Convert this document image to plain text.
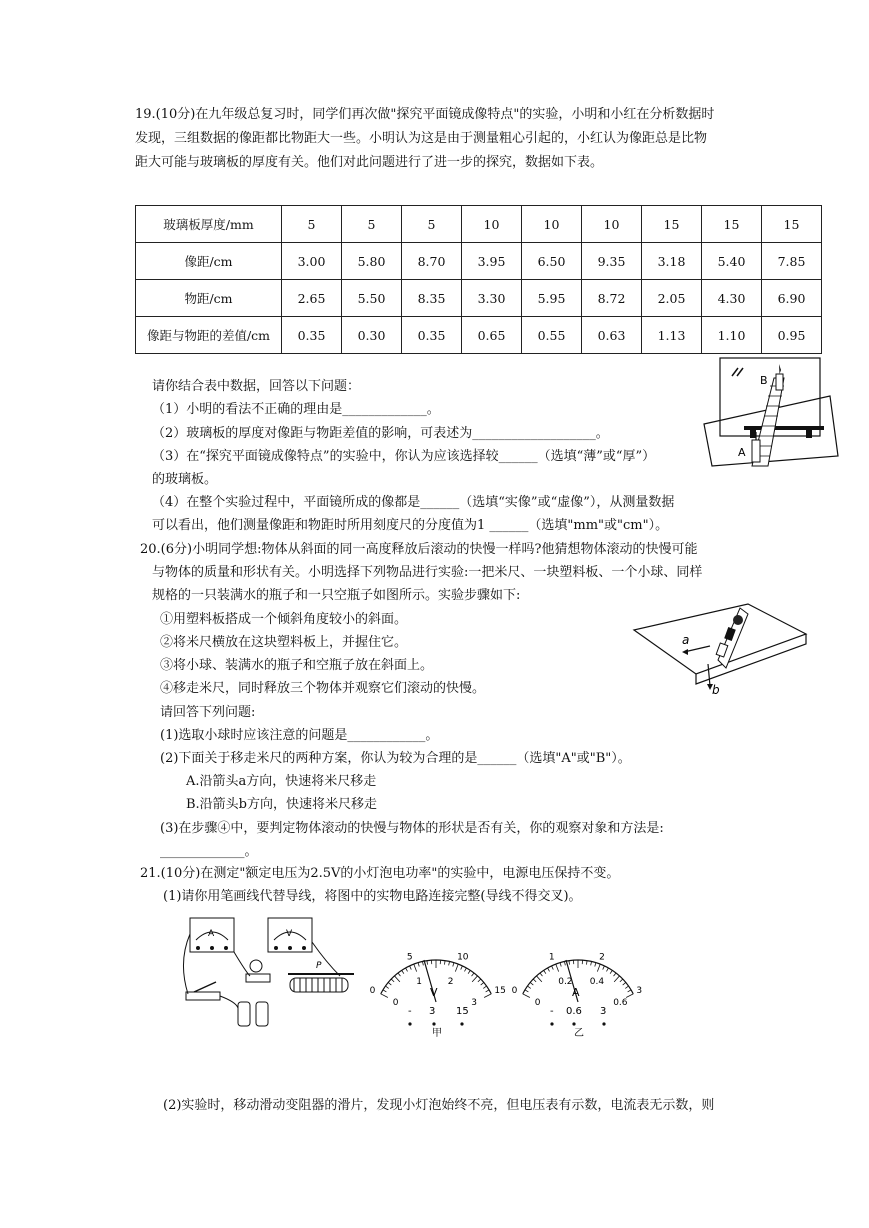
19.(10分)在九年级总复习时，同学们再次做"探究平面镜成像特点"的实验，小明和小红在分析数据时
发现，三组数据的像距都比物距大一些。小明认为这是由于测量粗心引起的，小红认为像距总是比物
距大可能与玻璃板的厚度有关。他们对此问题进行了进一步的探究，数据如下表。
玻璃板厚度/mm	5	5	5	10	10	10	15	15	15
像距/cm	3.00	5.80	8.70	3.95	6.50	9.35	3.18	5.40	7.85
物距/cm	2.65	5.50	8.35	3.30	5.95	8.72	2.05	4.30	6.90
像距与物距的差值/cm	0.35	0.30	0.35	0.65	0.55	0.63	1.13	1.10	0.95
请你结合表中数据，回答以下问题：
（1）小明的看法不正确的理由是_____________。
（2）玻璃板的厚度对像距与物距差值的影响，可表述为___________________。
（3）在“探究平面镜成像特点”的实验中，你认为应该选择较______（选填“薄”或“厚”）
的玻璃板。
（4）在整个实验过程中，平面镜所成的像都是______（选填“实像”或“虚像”），从测量数据
可以看出，他们测量像距和物距时所用刻度尺的分度值为1 ______（选填"mm"或"cm"）。
B
A
20.(6分)小明同学想:物体从斜面的同一高度释放后滚动的快慢一样吗?他猜想物体滚动的快慢可能
与物体的质量和形状有关。小明选择下列物品进行实验:一把米尺、一块塑料板、一个小球、同样
规格的一只装满水的瓶子和一只空瓶子如图所示。实验步骤如下:
①用塑料板搭成一个倾斜角度较小的斜面。
②将米尺横放在这块塑料板上，并握住它。
③将小球、装满水的瓶子和空瓶子放在斜面上。
④移走米尺，同时释放三个物体并观察它们滚动的快慢。
请回答下列问题:
(1)选取小球时应该注意的问题是____________。
(2)下面关于移走米尺的两种方案，你认为较为合理的是______（选填"A"或"B"）。
A.沿箭头a方向，快速将米尺移走
B.沿箭头b方向，快速将米尺移走
(3)在步骤④中，要判定物体滚动的快慢与物体的形状是否有关，你的观察对象和方法是:
_____________。
a
b
21.(10分)在测定"额定电压为2.5V的小灯泡电功率"的实验中，电源电压保持不变。
(1)请你用笔画线代替导线，将图中的实物电路连接完整(导线不得交叉)。
A	V
P
0
5	10
15
0
1	2
3
V
- 3 15
甲
0
1	2
3
0
0.2 0.4
0.6
A
- 0.6 3
乙
(2)实验时，移动滑动变阻器的滑片，发现小灯泡始终不亮，但电压表有示数，电流表无示数，则
